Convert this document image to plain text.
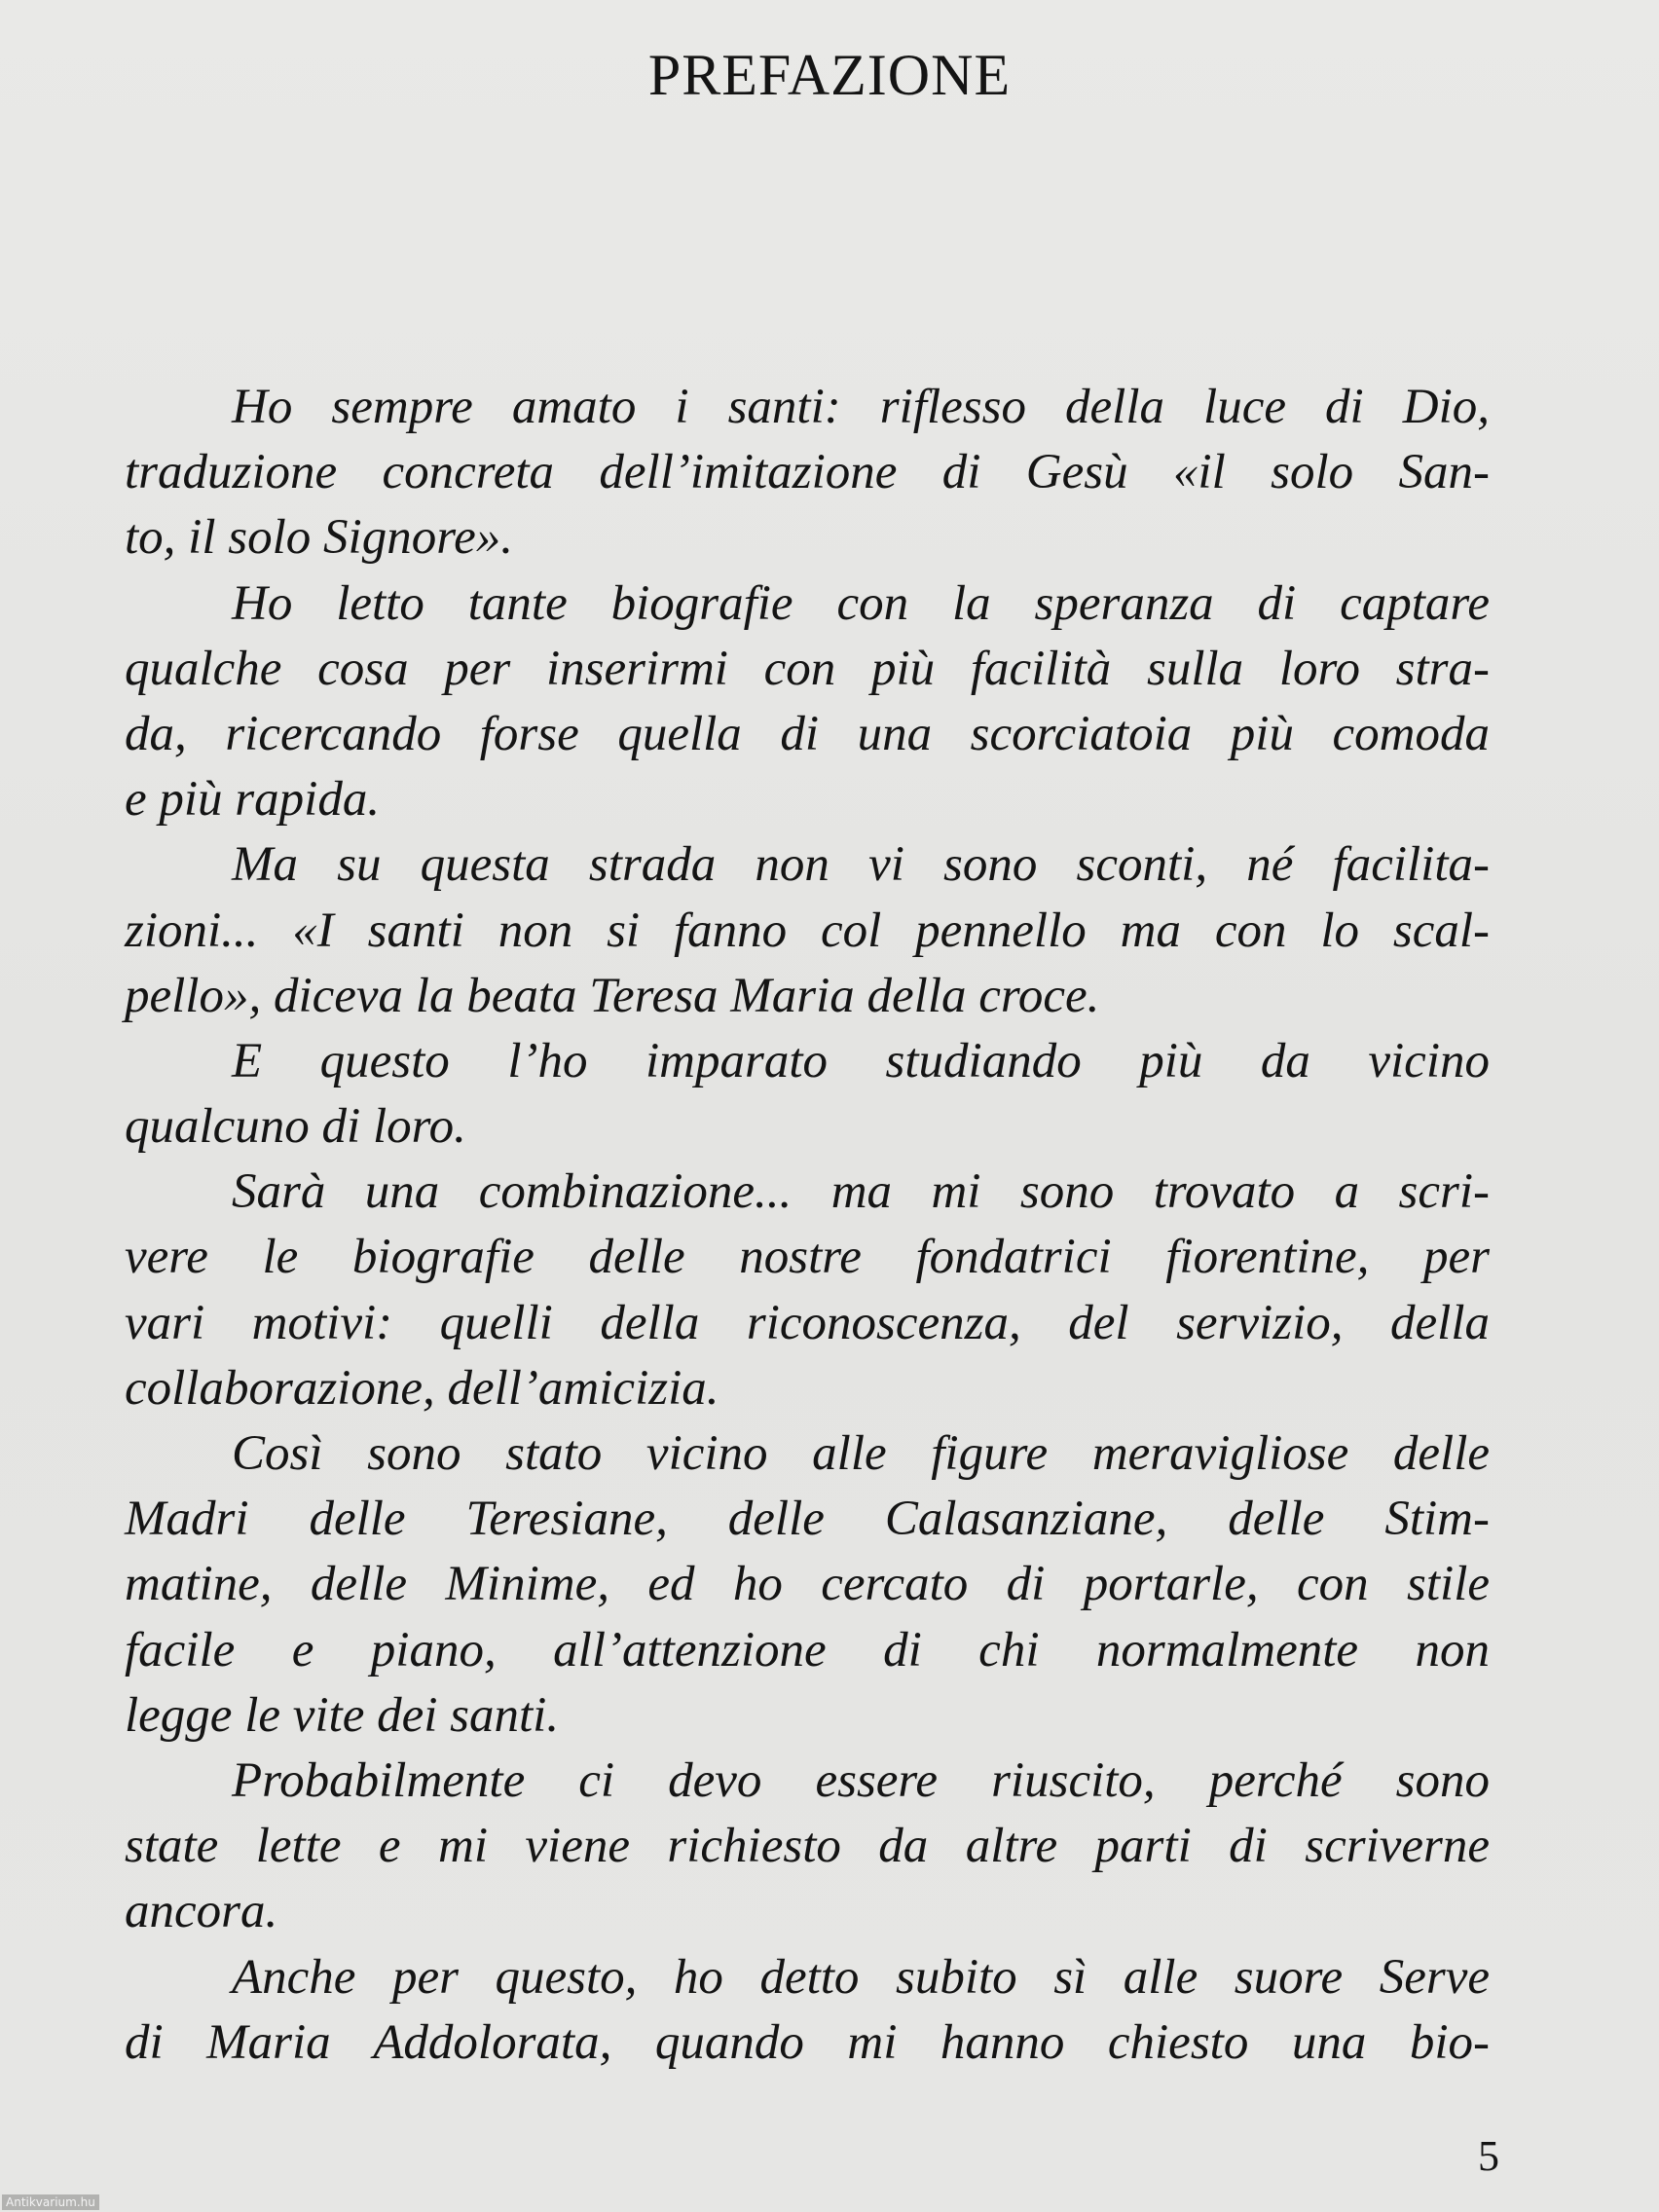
PREFAZIONE
Ho sempre amato i santi: riflesso della luce di Dio,
traduzione concreta dell’imitazione di Gesù «il solo San-
to, il solo Signore».
Ho letto tante biografie con la speranza di captare
qualche cosa per inserirmi con più facilità sulla loro stra-
da, ricercando forse quella di una scorciatoia più comoda
e più rapida.
Ma su questa strada non vi sono sconti, né facilita-
zioni... «I santi non si fanno col pennello ma con lo scal-
pello», diceva la beata Teresa Maria della croce.
E questo l’ho imparato studiando più da vicino
qualcuno di loro.
Sarà una combinazione... ma mi sono trovato a scri-
vere le biografie delle nostre fondatrici fiorentine, per
vari motivi: quelli della riconoscenza, del servizio, della
collaborazione, dell’amicizia.
Così sono stato vicino alle figure meravigliose delle
Madri delle Teresiane, delle Calasanziane, delle Stim-
matine, delle Minime, ed ho cercato di portarle, con stile
facile e piano, all’attenzione di chi normalmente non
legge le vite dei santi.
Probabilmente ci devo essere riuscito, perché sono
state lette e mi viene richiesto da altre parti di scriverne
ancora.
Anche per questo, ho detto subito sì alle suore Serve
di Maria Addolorata, quando mi hanno chiesto una bio-
5
Antikvarium.hu
